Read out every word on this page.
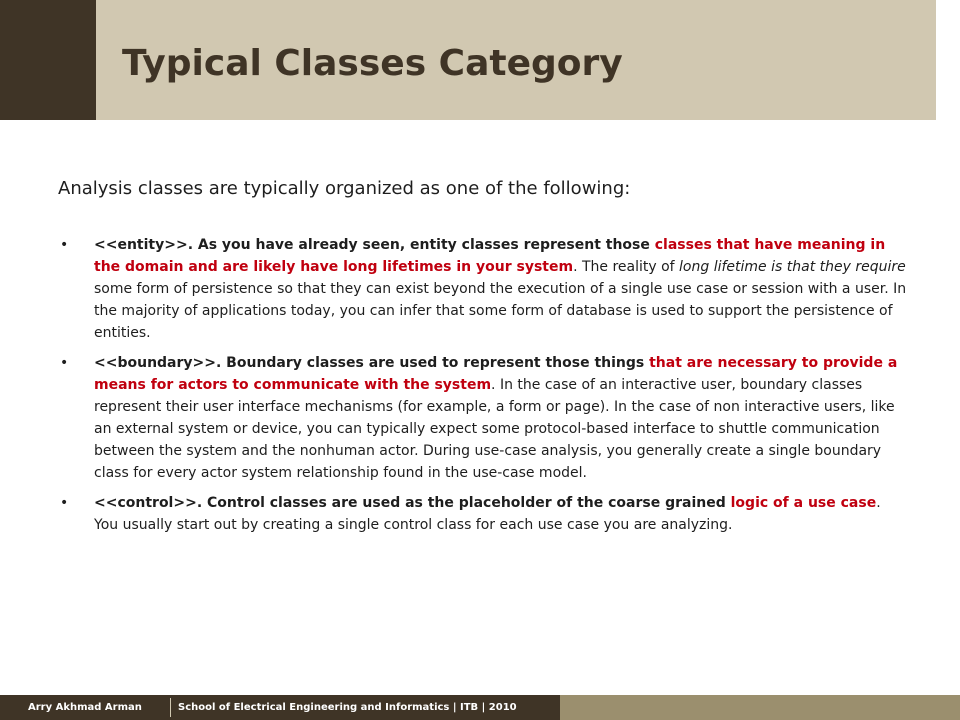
Typical Classes Category

Analysis classes are typically organized as one of the following:

•	<<entity>>. As you have already seen, entity classes represent those classes that have meaning in the domain and are likely have long lifetimes in your system. The reality of long lifetime is that they require some form of persistence so that they can exist beyond the execution of a single use case or session with a user. In the majority of applications today, you can infer that some form of database is used to support the persistence of entities.
•	<<boundary>>. Boundary classes are used to represent those things that are necessary to provide a means for actors to communicate with the system. In the case of an interactive user, boundary classes represent their user interface mechanisms (for example, a form or page). In the case of non interactive users, like an external system or device, you can typically expect some protocol-based interface to shuttle communication between the system and the nonhuman actor. During use-case analysis, you generally create a single boundary class for every actor system relationship found in the use-case model.
•	<<control>>. Control classes are used as the placeholder of the coarse grained logic of a use case. You usually start out by creating a single control class for each use case you are analyzing.
Arry Akhmad Arman	School of Electrical Engineering and Informatics | ITB | 2010
